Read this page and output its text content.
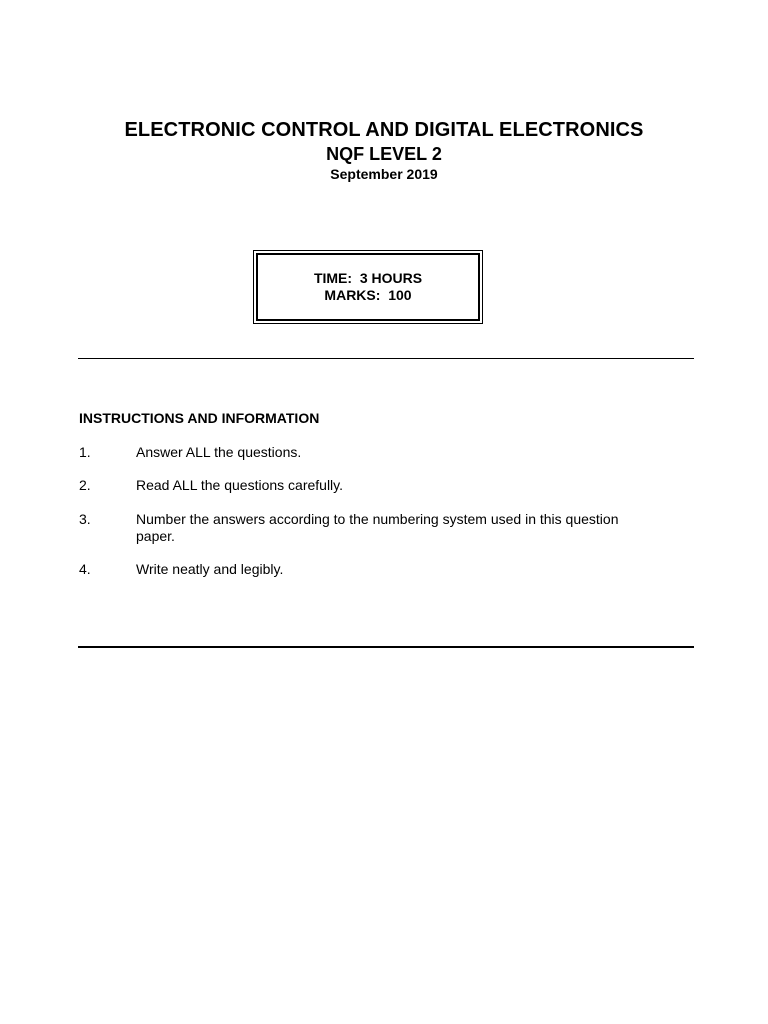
ELECTRONIC CONTROL AND DIGITAL ELECTRONICS
NQF LEVEL 2
September 2019
TIME:  3 HOURS
MARKS:  100
INSTRUCTIONS AND INFORMATION
1.	Answer ALL the questions.
2.	Read ALL the questions carefully.
3.	Number the answers according to the numbering system used in this question paper.
4.	Write neatly and legibly.
